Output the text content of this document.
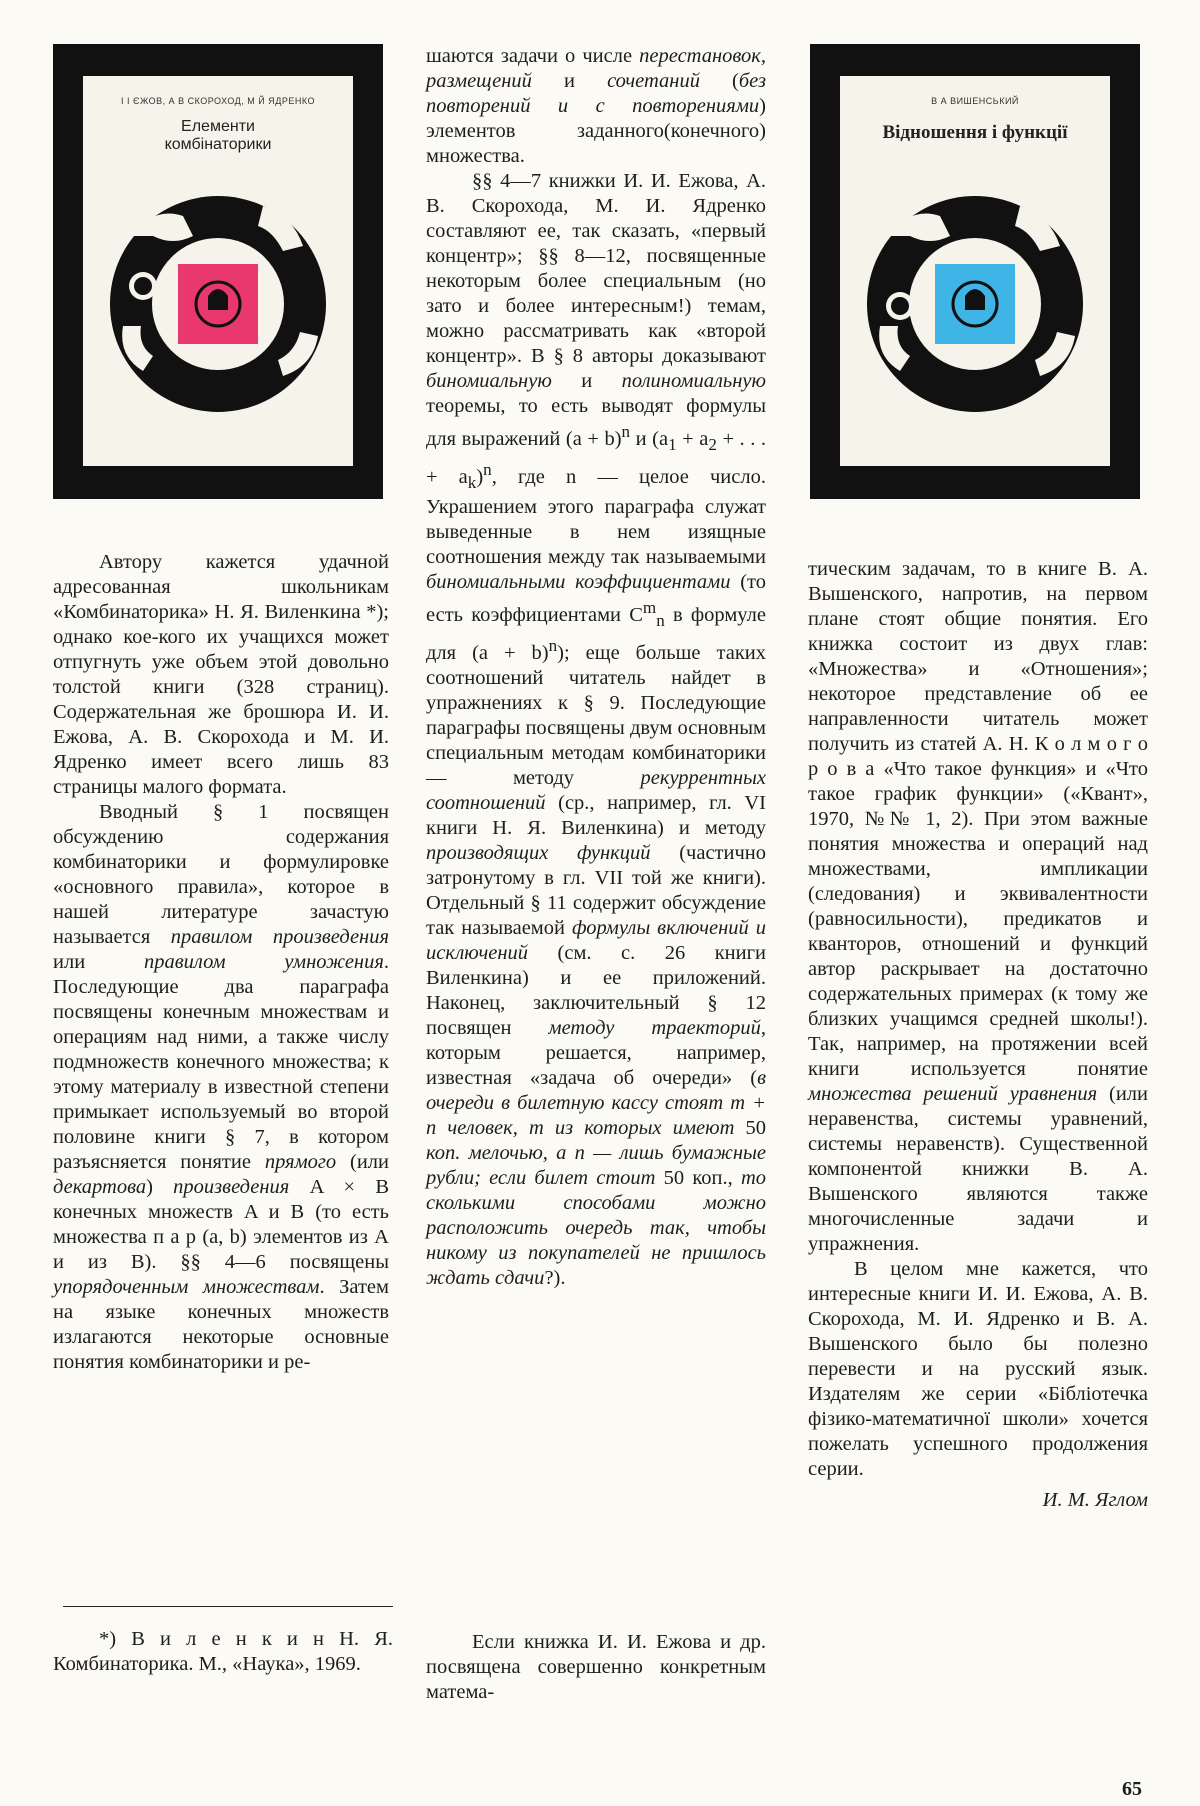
І І ЄЖОВ, А В СКОРОХОД, М Й ЯДРЕНКО
Елементи
комбінаторики
В А ВИШЕНСЬКИЙ
Відношення і функції

Автору кажется удачной адресованная школьникам «Комбинаторика» Н. Я. Виленкина *); однако кое-кого их учащихся может отпугнуть уже объем этой довольно толстой книги (328 страниц). Содержательная же брошюра И. И. Ежова, А. В. Скорохода и М. И. Ядренко имеет всего лишь 83 страницы малого формата.

Вводный § 1 посвящен обсуждению содержания комбинаторики и формулировке «основного правила», которое в нашей литературе зачастую называется правилом произведения или правилом умножения. Последующие два параграфа посвящены конечным множествам и операциям над ними, а также числу подмножеств конечного множества; к этому материалу в известной степени примыкает используемый во второй половине книги § 7, в котором разъясняется понятие прямого (или декартова) произведения A × B конечных множеств A и B (то есть множества п а р (a, b) элементов из A и из B). §§ 4—6 посвящены упорядоченным множествам. Затем на языке конечных множеств излагаются некоторые основные понятия комбинаторики и ре-

*) В и л е н к и н Н. Я. Комбинаторика. М., «Наука», 1969.

шаются задачи о числе перестановок, размещений и сочетаний (без повторений и с повторениями) элементов заданного(конечного) множества.

§§ 4—7 книжки И. И. Ежова, А. В. Скорохода, М. И. Ядренко составляют ее, так сказать, «первый концентр»; §§ 8—12, посвященные некоторым более специальным (но зато и более интересным!) темам, можно рассматривать как «второй концентр». В § 8 авторы доказывают биномиальную и полиномиальную теоремы, то есть выводят формулы для выражений $(a + b)^n$ и ($a_1 + a_2$ + . . . + $a_k)^n$, где n — целое число. Украшением этого параграфа служат выведенные в нем изящные соотношения между так называемыми биномиальными коэффициентами (то есть коэффициентами $C^m_n$ в формуле для $(a + b)^n$); еще больше таких соотношений читатель найдет в упражнениях к § 9. Последующие параграфы посвящены двум основным специальным методам комбинаторики — методу рекуррентных соотношений (ср., например, гл. VI книги Н. Я. Виленкина) и методу производящих функций (частично затронутому в гл. VII той же книги). Отдельный § 11 содержит обсуждение так называемой формулы включений и исключений (см. с. 26 книги Виленкина) и ее приложений. Наконец, заключительный § 12 посвящен методу траекторий, которым решается, например, известная «задача об очереди» (в очереди в билетную кассу стоят m + n человек, m из которых имеют 50 коп. мелочью, а n — лишь бумажные рубли; если билет стоит 50 коп., то сколькими способами можно расположить очередь так, чтобы никому из покупателей не пришлось ждать сдачи?).

Если книжка И. И. Ежова и др. посвящена совершенно конкретным матема-

тическим задачам, то в книге В. А. Вышенского, напротив, на первом плане стоят общие понятия. Его книжка состоит из двух глав: «Множества» и «Отношения»; некоторое представление об ее направленности читатель может получить из статей А. Н. К о л м о г о р о в а «Что такое функция» и «Что такое график функции» («Квант», 1970, №№ 1, 2). При этом важные понятия множества и операций над множествами, импликации (следования) и эквивалентности (равносильности), предикатов и кванторов, отношений и функций автор раскрывает на достаточно содержательных примерах (к тому же близких учащимся средней школы!). Так, например, на протяжении всей книги используется понятие множества решений уравнения (или неравенства, системы уравнений, системы неравенств). Существенной компонентой книжки В. А. Вышенского являются также многочисленные задачи и упражнения.

В целом мне кажется, что интересные книги И. И. Ежова, А. В. Скорохода, М. И. Ядренко и В. А. Вышенского было бы полезно перевести и на русский язык. Издателям же серии «Бібліотечка фізико-математичної школи» хочется пожелать успешного продолжения серии.

И. М. Яглом
65
